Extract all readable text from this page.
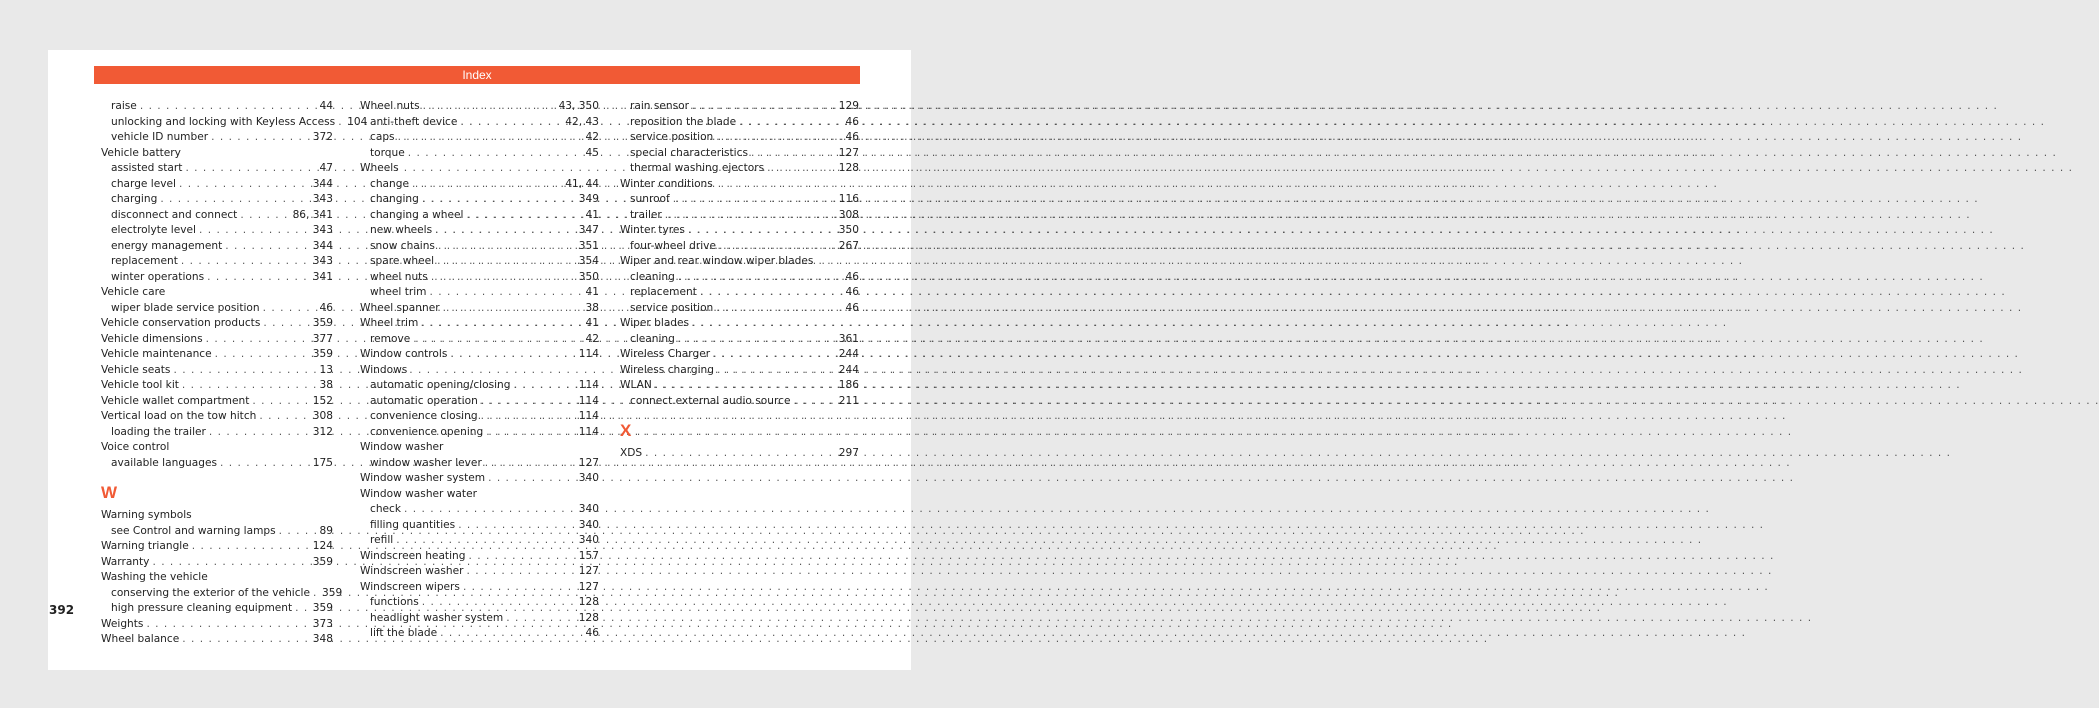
Index
raise . . .	44
unlocking and locking with Keyless Access . . . 104
vehicle ID number . . .	372
Vehicle battery
assisted start . . .	47
charge level . . .	344
charging . . .	343
disconnect and connect . . .	86, 341
electrolyte level . . .	343
energy management . . .	344
replacement . . .	343
winter operations . . .	341
Vehicle care
wiper blade service position . . .	46
Vehicle conservation products . . .	359
Vehicle dimensions . . .	377
Vehicle maintenance . . .	359
Vehicle seats . . .	13
Vehicle tool kit . . .	38
Vehicle wallet compartment . . .	152
Vertical load on the tow hitch . . .	308
loading the trailer . . .	312
Voice control
available languages . . .	175
W
Warning symbols
see Control and warning lamps . . .	89
Warning triangle . . .	124
Warranty . . .	359
Washing the vehicle
conserving the exterior of the vehicle . . . 359
high pressure cleaning equipment . . . 359
Weights . . .	373
Wheel balance . . .	348
Wheel nuts . . .	43, 350
anti-theft device . . .	42, 43
caps . . .	42
torque . . .	45
Wheels
change . . .	41, 44
changing . . .	349
changing a wheel . . .	41
new wheels . . .	347
snow chains . . .	351
spare wheel . . .	354
wheel nuts . . .	350
wheel trim . . .	41
Wheel spanner . . .	38
Wheel trim . . .	41
remove . . .	42
Window controls . . .	114
Windows
automatic opening/closing . . .	114
automatic operation . . .	114
convenience closing . . .	114
convenience opening . . .	114
Window washer
window washer lever . . .	127
Window washer system . . .	340
Window washer water
check . . .	340
filling quantities . . .	340
refill . . .	340
Windscreen heating . . .	157
Windscreen washer . . .	127
Windscreen wipers . . .	127
functions . . .	128
headlight washer system . . .	128
lift the blade . . .	46
rain sensor . . .	129
reposition the blade . . .	46
service position . . .	46
special characteristics . . .	127
thermal washing ejectors . . .	128
Winter conditions
sunroof . . .	116
trailer . . .	308
Winter tyres . . .	350
four-wheel drive . . .	267
Wiper and rear window wiper blades
cleaning . . .	46
replacement . . .	46
service position . . .	46
Wiper blades
cleaning . . .	361
Wireless Charger . . .	244
Wireless charging . . .	244
WLAN . . .	186
connect external audio source . . .	211
X
XDS . . .	297
392
